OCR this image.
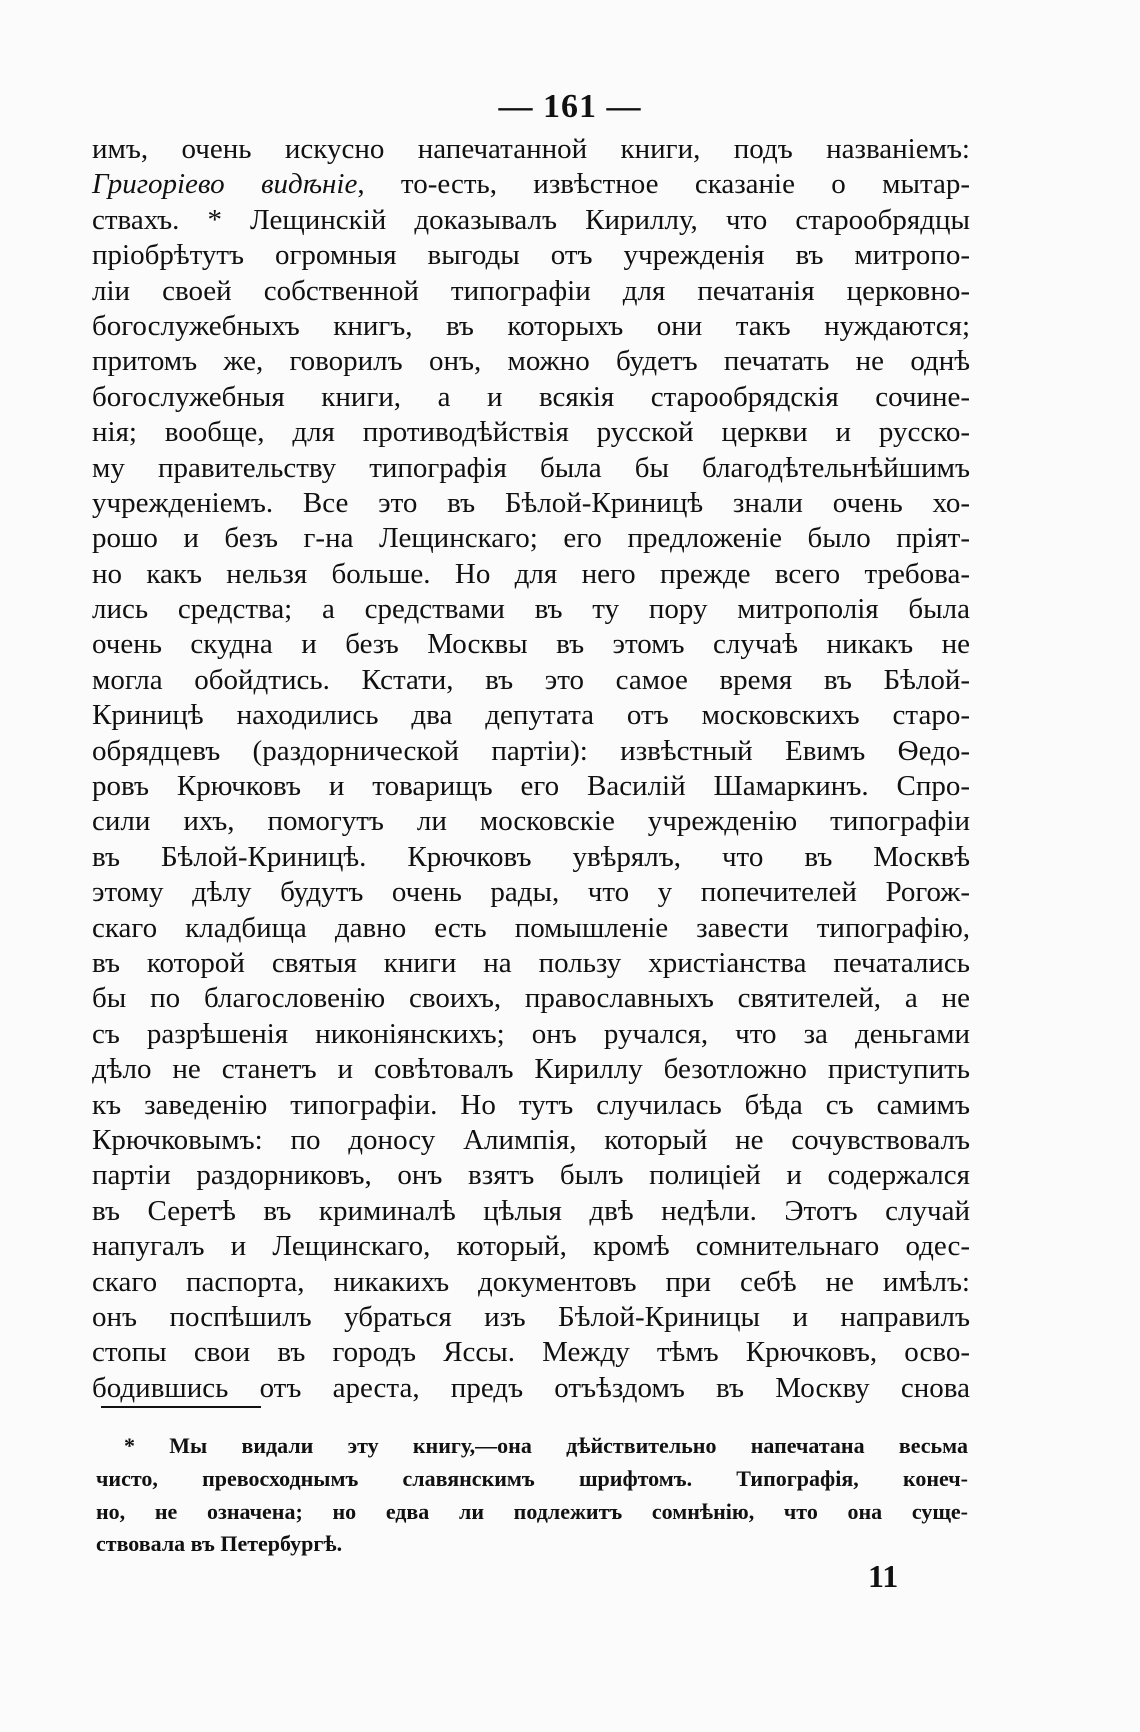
— 161 —
имъ, очень искусно напечатанной книги, подъ названіемъ:
Григоріево видѣніе, то-есть, извѣстное сказаніе о мытар-
ствахъ. * Лещинскій доказывалъ Кириллу, что старообрядцы
пріобрѣтутъ огромныя выгоды отъ учрежденія въ митропо-
ліи своей собственной типографіи для печатанія церковно-
богослужебныхъ книгъ, въ которыхъ они такъ нуждаются;
притомъ же, говорилъ онъ, можно будетъ печатать не однѣ
богослужебныя книги, а и всякія старообрядскія сочине-
нія; вообще, для противодѣйствія русской церкви и русско-
му правительству типографія была бы благодѣтельнѣйшимъ
учрежденіемъ. Все это въ Бѣлой-Криницѣ знали очень хо-
рошо и безъ г-на Лещинскаго; его предложеніе было пріят-
но какъ нельзя больше. Но для него прежде всего требова-
лись средства; а средствами въ ту пору митрополія была
очень скудна и безъ Москвы въ этомъ случаѣ никакъ не
могла обойдтись. Кстати, въ это самое время въ Бѣлой-
Криницѣ находились два депутата отъ московскихъ старо-
обрядцевъ (раздорнической партіи): извѣстный Евимъ Ѳедо-
ровъ Крючковъ и товарищъ его Василій Шамаркинъ. Спро-
сили ихъ, помогутъ ли московскіе учрежденію типографіи
въ Бѣлой-Криницѣ. Крючковъ увѣрялъ, что въ Москвѣ
этому дѣлу будутъ очень рады, что у попечителей Рогож-
скаго кладбища давно есть помышленіе завести типографію,
въ которой святыя книги на пользу христіанства печатались
бы по благословенію своихъ, православныхъ святителей, а не
съ разрѣшенія никоніянскихъ; онъ ручался, что за деньгами
дѣло не станетъ и совѣтовалъ Кириллу безотложно приступить
къ заведенію типографіи. Но тутъ случилась бѣда съ самимъ
Крючковымъ: по доносу Алимпія, который не сочувствовалъ
партіи раздорниковъ, онъ взятъ былъ полиціей и содержался
въ Серетѣ въ криминалѣ цѣлыя двѣ недѣли. Этотъ случай
напугалъ и Лещинскаго, который, кромѣ сомнительнаго одес-
скаго паспорта, никакихъ документовъ при себѣ не имѣлъ:
онъ поспѣшилъ убраться изъ Бѣлой-Криницы и направилъ
стопы свои въ городъ Яссы. Между тѣмъ Крючковъ, осво-
бодившись отъ ареста, предъ отъѣздомъ въ Москву снова
* Мы видали эту книгу,—она дѣйствительно напечатана весьма
чисто, превосходнымъ славянскимъ шрифтомъ. Типографія, конеч-
но, не означена; но едва ли подлежитъ сомнѣнію, что она суще-
ствовала въ Петербургѣ.
11
